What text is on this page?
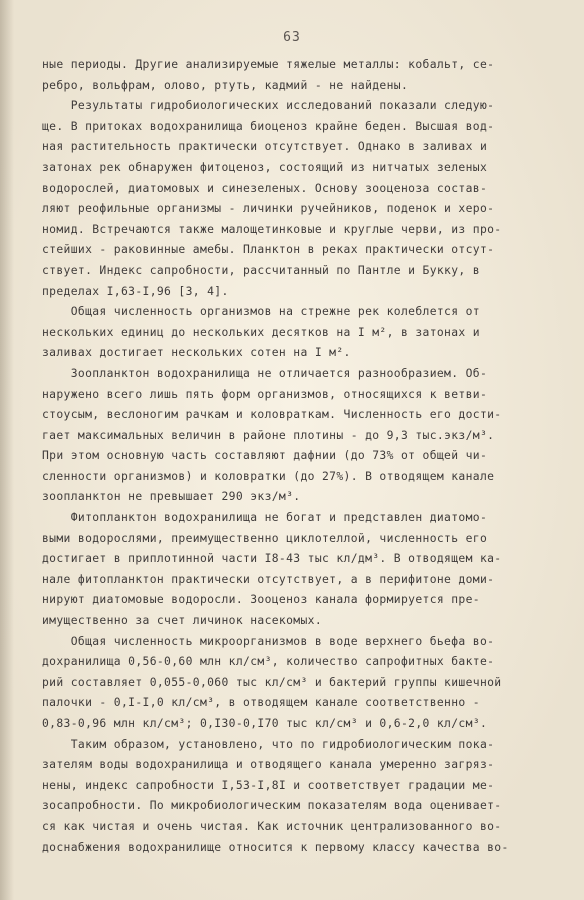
63
ные периоды. Другие анализируемые тяжелые металлы: кобальт, се-
ребро, вольфрам, олово, ртуть, кадмий - не найдены.
Результаты гидробиологических исследований показали следую-
ще. В притоках водохранилища биоценоз крайне беден. Высшая вод-
ная растительность практически отсутствует. Однако в заливах и
затонах рек обнаружен фитоценоз, состоящий из нитчатых зеленых
водорослей, диатомовых и синезеленых. Основу зооценоза состав-
ляют реофильные организмы - личинки ручейников, поденок и херо-
номид. Встречаются также малощетинковые и круглые черви, из про-
стейших - раковинные амебы. Планктон в реках практически отсут-
ствует. Индекс сапробности, рассчитанный по Пантле и Букку, в
пределах I,63-I,96 [3, 4].
Общая численность организмов на стрежне рек колеблется от
нескольких единиц до нескольких десятков на I м², в затонах и
заливах достигает нескольких сотен на I м².
Зоопланктон водохранилища не отличается разнообразием. Об-
наружено всего лишь пять форм организмов, относящихся к ветви-
стоусым, веслоногим рачкам и коловраткам. Численность его дости-
гает максимальных величин в районе плотины - до 9,3 тыс.экз/м³.
При этом основную часть составляют дафнии (до 73% от общей чи-
сленности организмов) и коловратки (до 27%). В отводящем канале
зоопланктон не превышает 290 экз/м³.
Фитопланктон водохранилища не богат и представлен диатомо-
выми водорослями, преимущественно циклотеллой, численность его
достигает в приплотинной части I8-43 тыс кл/дм³. В отводящем ка-
нале фитопланктон практически отсутствует, а в перифитоне доми-
нируют диатомовые водоросли. Зооценоз канала формируется пре-
имущественно за счет личинок насекомых.
Общая численность микроорганизмов в воде верхнего бьефа во-
дохранилища 0,56-0,60 млн кл/см³, количество сапрофитных бакте-
рий составляет 0,055-0,060 тыс кл/см³ и бактерий группы кишечной
палочки - 0,I-I,0 кл/см³, в отводящем канале соответственно -
0,83-0,96 млн кл/см³; 0,I30-0,I70 тыс кл/см³ и 0,6-2,0 кл/см³.
Таким образом, установлено, что по гидробиологическим пока-
зателям воды водохранилища и отводящего канала умеренно загряз-
нены, индекс сапробности I,53-I,8I и соответствует градации ме-
зосапробности. По микробиологическим показателям вода оценивает-
ся как чистая и очень чистая. Как источник централизованного во-
доснабжения водохранилище относится к первому классу качества во-
